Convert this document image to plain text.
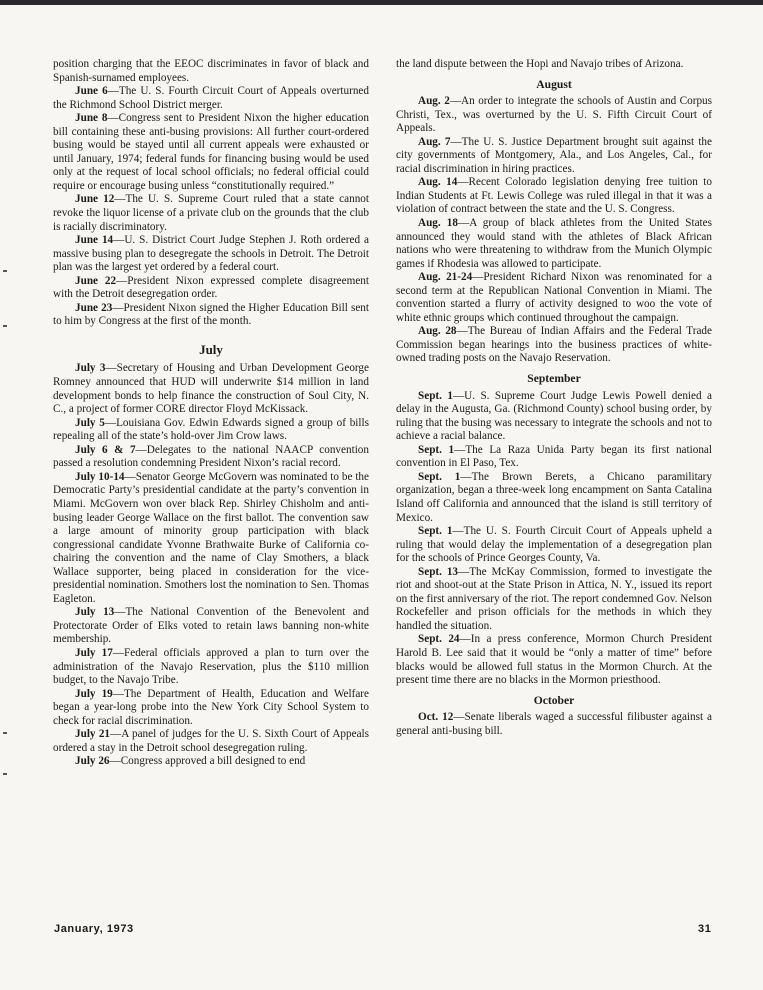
position charging that the EEOC discriminates in favor of black and Spanish-surnamed employees.

June 6—The U. S. Fourth Circuit Court of Appeals overturned the Richmond School District merger.

June 8—Congress sent to President Nixon the higher education bill containing these anti-busing provisions: All further court-ordered busing would be stayed until all current appeals were exhausted or until January, 1974; federal funds for financing busing would be used only at the request of local school officials; no federal official could require or encourage busing unless “constitutionally required.”

June 12—The U. S. Supreme Court ruled that a state cannot revoke the liquor license of a private club on the grounds that the club is racially discriminatory.

June 14—U. S. District Court Judge Stephen J. Roth ordered a massive busing plan to desegregate the schools in Detroit. The Detroit plan was the largest yet ordered by a federal court.

June 22—President Nixon expressed complete disagreement with the Detroit desegregation order.

June 23—President Nixon signed the Higher Education Bill sent to him by Congress at the first of the month.

July

July 3—Secretary of Housing and Urban Development George Romney announced that HUD will underwrite $14 million in land development bonds to help finance the construction of Soul City, N. C., a project of former CORE director Floyd McKissack.

July 5—Louisiana Gov. Edwin Edwards signed a group of bills repealing all of the state’s hold-over Jim Crow laws.

July 6 & 7—Delegates to the national NAACP convention passed a resolution condemning President Nixon’s racial record.

July 10-14—Senator George McGovern was nominated to be the Democratic Party’s presidential candidate at the party’s convention in Miami. McGovern won over black Rep. Shirley Chisholm and anti-busing leader George Wallace on the first ballot. The convention saw a large amount of minority group participation with black congressional candidate Yvonne Brathwaite Burke of California co-chairing the convention and the name of Clay Smothers, a black Wallace supporter, being placed in consideration for the vice-presidential nomination. Smothers lost the nomination to Sen. Thomas Eagleton.

July 13—The National Convention of the Benevolent and Protectorate Order of Elks voted to retain laws banning non-white membership.

July 17—Federal officials approved a plan to turn over the administration of the Navajo Reservation, plus the $110 million budget, to the Navajo Tribe.

July 19—The Department of Health, Education and Welfare began a year-long probe into the New York City School System to check for racial discrimination.

July 21—A panel of judges for the U. S. Sixth Court of Appeals ordered a stay in the Detroit school desegregation ruling.

July 26—Congress approved a bill designed to end

the land dispute between the Hopi and Navajo tribes of Arizona.

August

Aug. 2—An order to integrate the schools of Austin and Corpus Christi, Tex., was overturned by the U. S. Fifth Circuit Court of Appeals.

Aug. 7—The U. S. Justice Department brought suit against the city governments of Montgomery, Ala., and Los Angeles, Cal., for racial discrimination in hiring practices.

Aug. 14—Recent Colorado legislation denying free tuition to Indian Students at Ft. Lewis College was ruled illegal in that it was a violation of contract between the state and the U. S. Congress.

Aug. 18—A group of black athletes from the United States announced they would stand with the athletes of Black African nations who were threatening to withdraw from the Munich Olympic games if Rhodesia was allowed to participate.

Aug. 21-24—President Richard Nixon was renominated for a second term at the Republican National Convention in Miami. The convention started a flurry of activity designed to woo the vote of white ethnic groups which continued throughout the campaign.

Aug. 28—The Bureau of Indian Affairs and the Federal Trade Commission began hearings into the business practices of white-owned trading posts on the Navajo Reservation.

September

Sept. 1—U. S. Supreme Court Judge Lewis Powell denied a delay in the Augusta, Ga. (Richmond County) school busing order, by ruling that the busing was necessary to integrate the schools and not to achieve a racial balance.

Sept. 1—The La Raza Unida Party began its first national convention in El Paso, Tex.

Sept. 1—The Brown Berets, a Chicano paramilitary organization, began a three-week long encampment on Santa Catalina Island off California and announced that the island is still territory of Mexico.

Sept. 1—The U. S. Fourth Circuit Court of Appeals upheld a ruling that would delay the implementation of a desegregation plan for the schools of Prince Georges County, Va.

Sept. 13—The McKay Commission, formed to investigate the riot and shoot-out at the State Prison in Attica, N. Y., issued its report on the first anniversary of the riot. The report condemned Gov. Nelson Rockefeller and prison officials for the methods in which they handled the situation.

Sept. 24—In a press conference, Mormon Church President Harold B. Lee said that it would be “only a matter of time” before blacks would be allowed full status in the Mormon Church. At the present time there are no blacks in the Mormon priesthood.

October

Oct. 12—Senate liberals waged a successful filibuster against a general anti-busing bill.

January, 1973	31
